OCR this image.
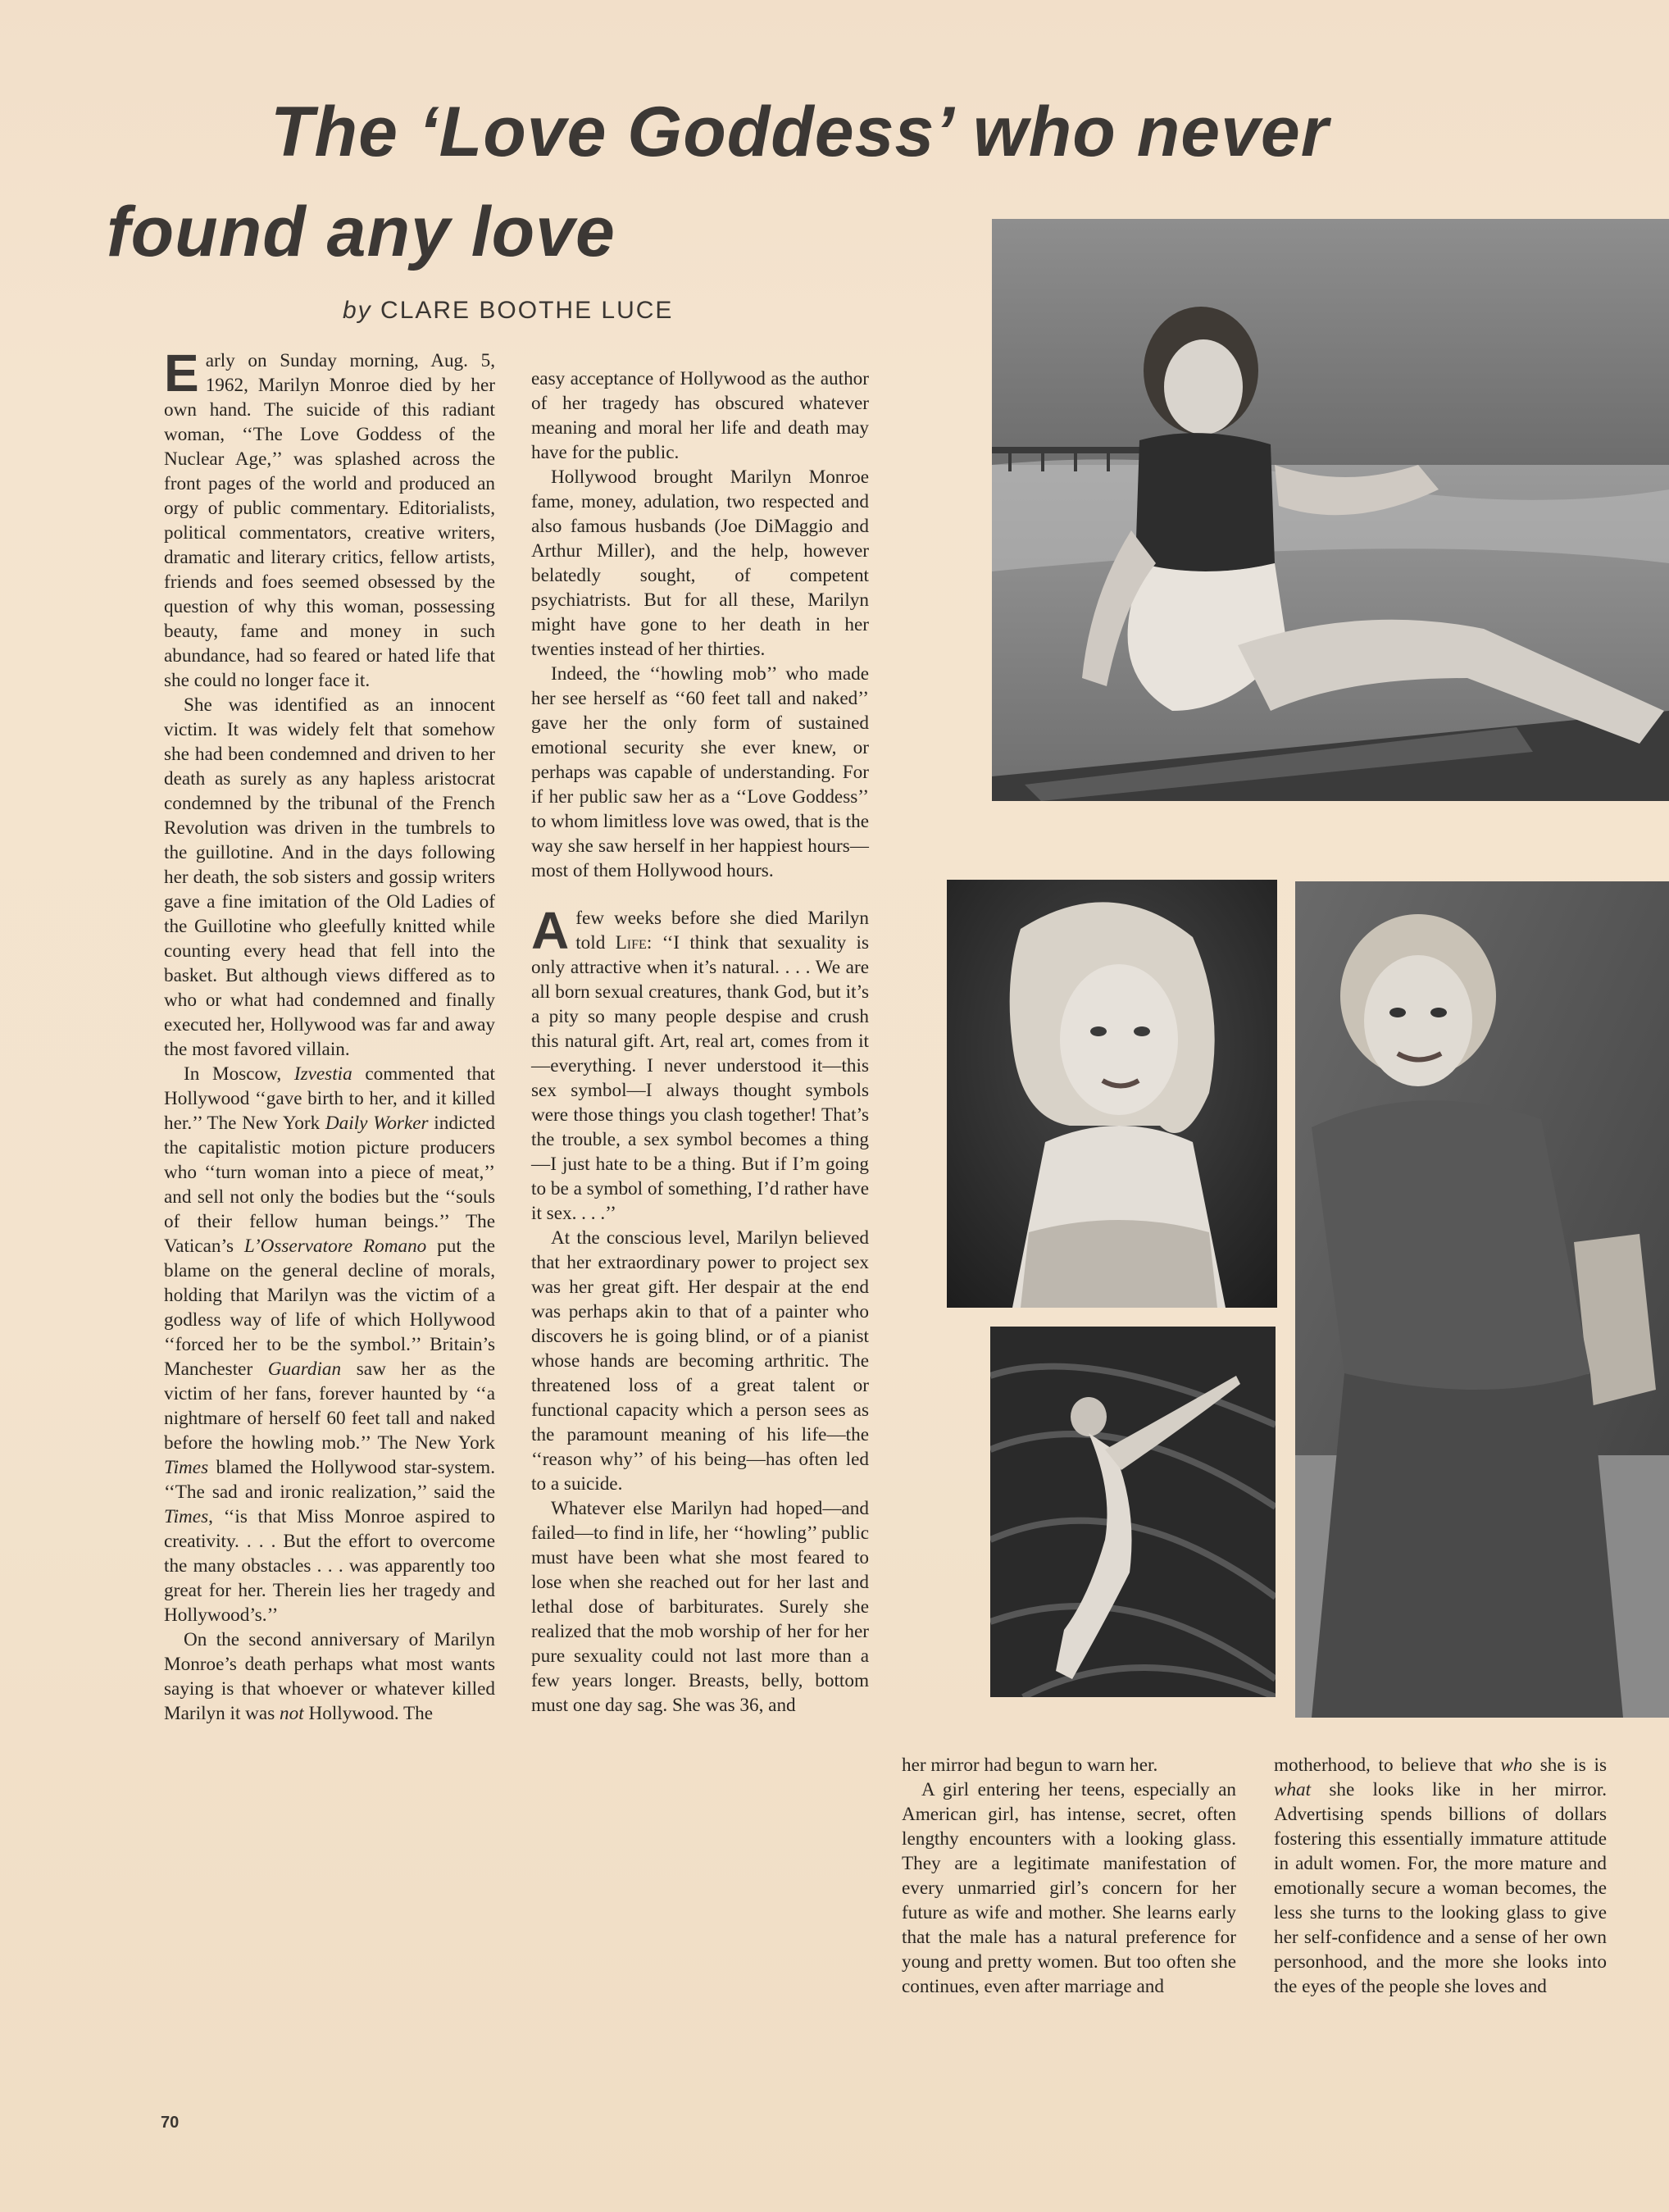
The ‘Love Goddess’ who never
found any love

by CLARE BOOTHE LUCE

Early on Sunday morning, Aug. 5, 1962, Marilyn Monroe died by her own hand. The suicide of this radiant woman, ‘‘The Love Goddess of the Nuclear Age,’’ was splashed across the front pages of the world and produced an orgy of public commentary. Editorialists, political commentators, creative writers, dramatic and literary critics, fellow artists, friends and foes seemed obsessed by the question of why this woman, possessing beauty, fame and money in such abundance, had so feared or hated life that she could no longer face it.

She was identified as an innocent victim. It was widely felt that somehow she had been condemned and driven to her death as surely as any hapless aristocrat condemned by the tribunal of the French Revolution was driven in the tumbrels to the guillotine. And in the days following her death, the sob sisters and gossip writers gave a fine imitation of the Old Ladies of the Guillotine who gleefully knitted while counting every head that fell into the basket. But although views differed as to who or what had condemned and finally executed her, Hollywood was far and away the most favored villain.

In Moscow, Izvestia commented that Hollywood ‘‘gave birth to her, and it killed her.’’ The New York Daily Worker indicted the capitalistic motion picture producers who ‘‘turn woman into a piece of meat,’’ and sell not only the bodies but the ‘‘souls of their fellow human beings.’’ The Vatican’s L’Osservatore Romano put the blame on the general decline of morals, holding that Marilyn was the victim of a godless way of life of which Hollywood ‘‘forced her to be the symbol.’’ Britain’s Manchester Guardian saw her as the victim of her fans, forever haunted by ‘‘a nightmare of herself 60 feet tall and naked before the howling mob.’’ The New York Times blamed the Hollywood star-system. ‘‘The sad and ironic realization,’’ said the Times, ‘‘is that Miss Monroe aspired to creativity. . . . But the effort to overcome the many obstacles . . . was apparently too great for her. Therein lies her tragedy and Hollywood’s.’’

On the second anniversary of Marilyn Monroe’s death perhaps what most wants saying is that whoever or whatever killed Marilyn it was not Hollywood. The

easy acceptance of Hollywood as the author of her tragedy has obscured whatever meaning and moral her life and death may have for the public.

Hollywood brought Marilyn Monroe fame, money, adulation, two respected and also famous husbands (Joe DiMaggio and Arthur Miller), and the help, however belatedly sought, of competent psychiatrists. But for all these, Marilyn might have gone to her death in her twenties instead of her thirties.

Indeed, the ‘‘howling mob’’ who made her see herself as ‘‘60 feet tall and naked’’ gave her the only form of sustained emotional security she ever knew, or perhaps was capable of understanding. For if her public saw her as a ‘‘Love Goddess’’ to whom limitless love was owed, that is the way she saw herself in her happiest hours—most of them Hollywood hours.

A few weeks before she died Marilyn told Life: ‘‘I think that sexuality is only attractive when it’s natural. . . . We are all born sexual creatures, thank God, but it’s a pity so many people despise and crush this natural gift. Art, real art, comes from it—everything. I never understood it—this sex symbol—I always thought symbols were those things you clash together! That’s the trouble, a sex symbol becomes a thing—I just hate to be a thing. But if I’m going to be a symbol of something, I’d rather have it sex. . . .’’

At the conscious level, Marilyn believed that her extraordinary power to project sex was her great gift. Her despair at the end was perhaps akin to that of a painter who discovers he is going blind, or of a pianist whose hands are becoming arthritic. The threatened loss of a great talent or functional capacity which a person sees as the paramount meaning of his life—the ‘‘reason why’’ of his being—has often led to a suicide.

Whatever else Marilyn had hoped—and failed—to find in life, her ‘‘howling’’ public must have been what she most feared to lose when she reached out for her last and lethal dose of barbiturates. Surely she realized that the mob worship of her for her pure sexuality could not last more than a few years longer. Breasts, belly, bottom must one day sag. She was 36, and

her mirror had begun to warn her.

A girl entering her teens, especially an American girl, has intense, secret, often lengthy encounters with a looking glass. They are a legitimate manifestation of every unmarried girl’s concern for her future as wife and mother. She learns early that the male has a natural preference for young and pretty women. But too often she continues, even after marriage and

motherhood, to believe that who she is is what she looks like in her mirror. Advertising spends billions of dollars fostering this essentially immature attitude in adult women. For, the more mature and emotionally secure a woman becomes, the less she turns to the looking glass to give her self-confidence and a sense of her own personhood, and the more she looks into the eyes of the people she loves and

70
